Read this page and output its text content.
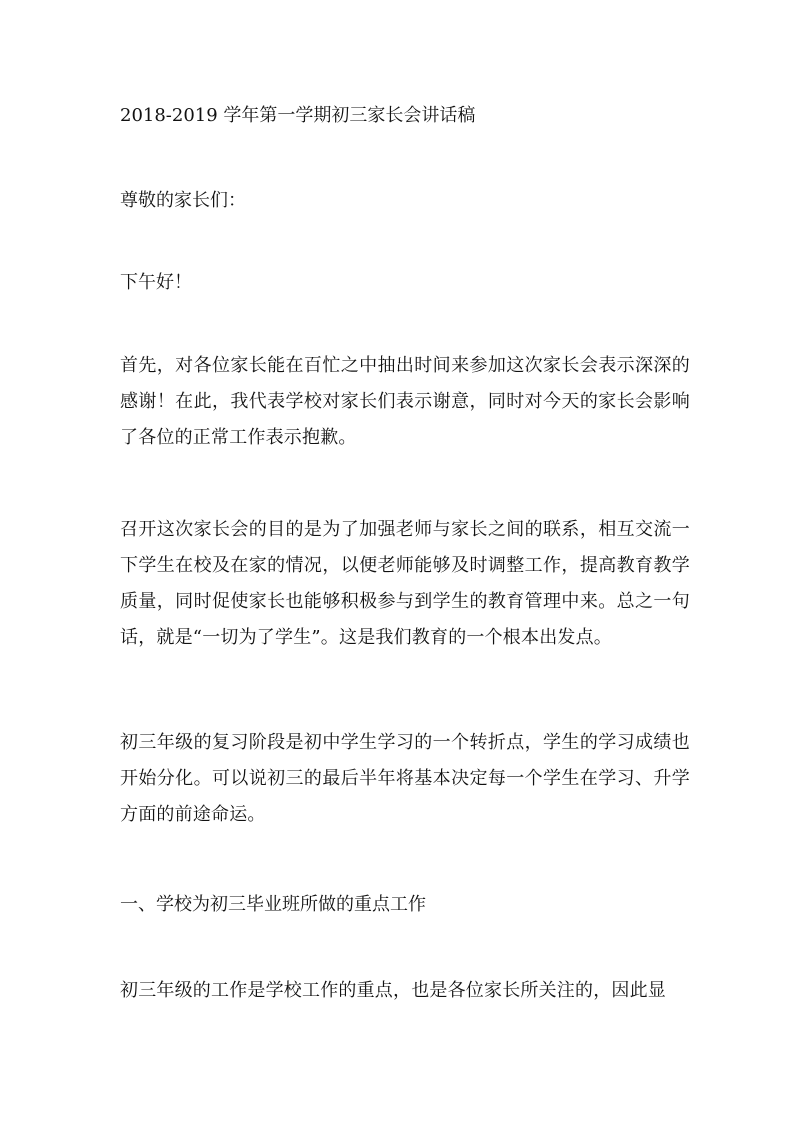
2018-2019 学年第一学期初三家长会讲话稿
尊敬的家长们：
下午好！

首先，对各位家长能在百忙之中抽出时间来参加这次家长会表示深深的感谢！在此，我代表学校对家长们表示谢意，同时对今天的家长会影响了各位的正常工作表示抱歉。

召开这次家长会的目的是为了加强老师与家长之间的联系，相互交流一下学生在校及在家的情况，以便老师能够及时调整工作，提高教育教学质量，同时促使家长也能够积极参与到学生的教育管理中来。总之一句话，就是“一切为了学生”。这是我们教育的一个根本出发点。

初三年级的复习阶段是初中学生学习的一个转折点，学生的学习成绩也开始分化。可以说初三的最后半年将基本决定每一个学生在学习、升学方面的前途命运。

一、学校为初三毕业班所做的重点工作

初三年级的工作是学校工作的重点，也是各位家长所关注的，因此显
